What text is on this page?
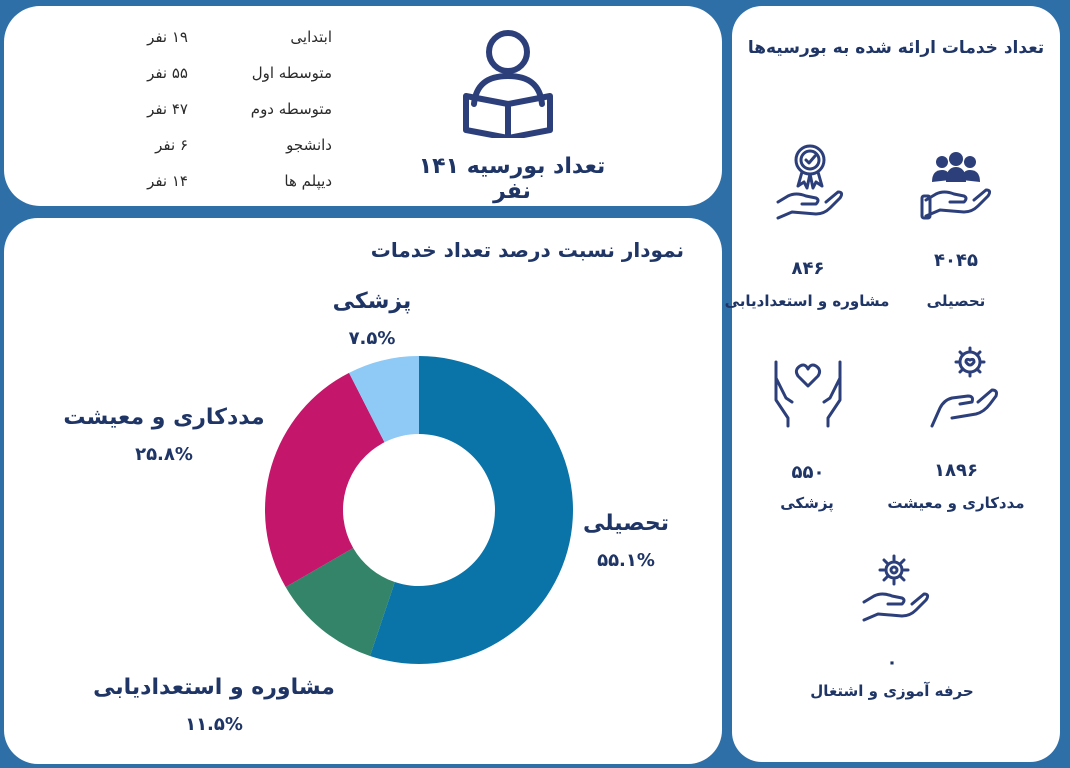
ابتدایی
۱۹ نفر
متوسطه اول
۵۵ نفر
متوسطه دوم
۴۷ نفر
دانشجو
۶ نفر
دیپلم ها
۱۴ نفر
تعداد بورسیه ۱۴۱ نفر
تعداد خدمات ارائه شده به بورسیه‌ها
۴۰۴۵
تحصیلی
۸۴۶
مشاوره و استعدادیابی
۱۸۹۶
مددکاری و معیشت
۵۵۰
پزشکی
۰
حرفه آموزی و اشتغال
نمودار نسبت درصد تعداد خدمات
تحصیلی
۵۵.۱%
مشاوره و استعدادیابی
۱۱.۵%
مددکاری و معیشت
۲۵.۸%
پزشکی
۷.۵%
